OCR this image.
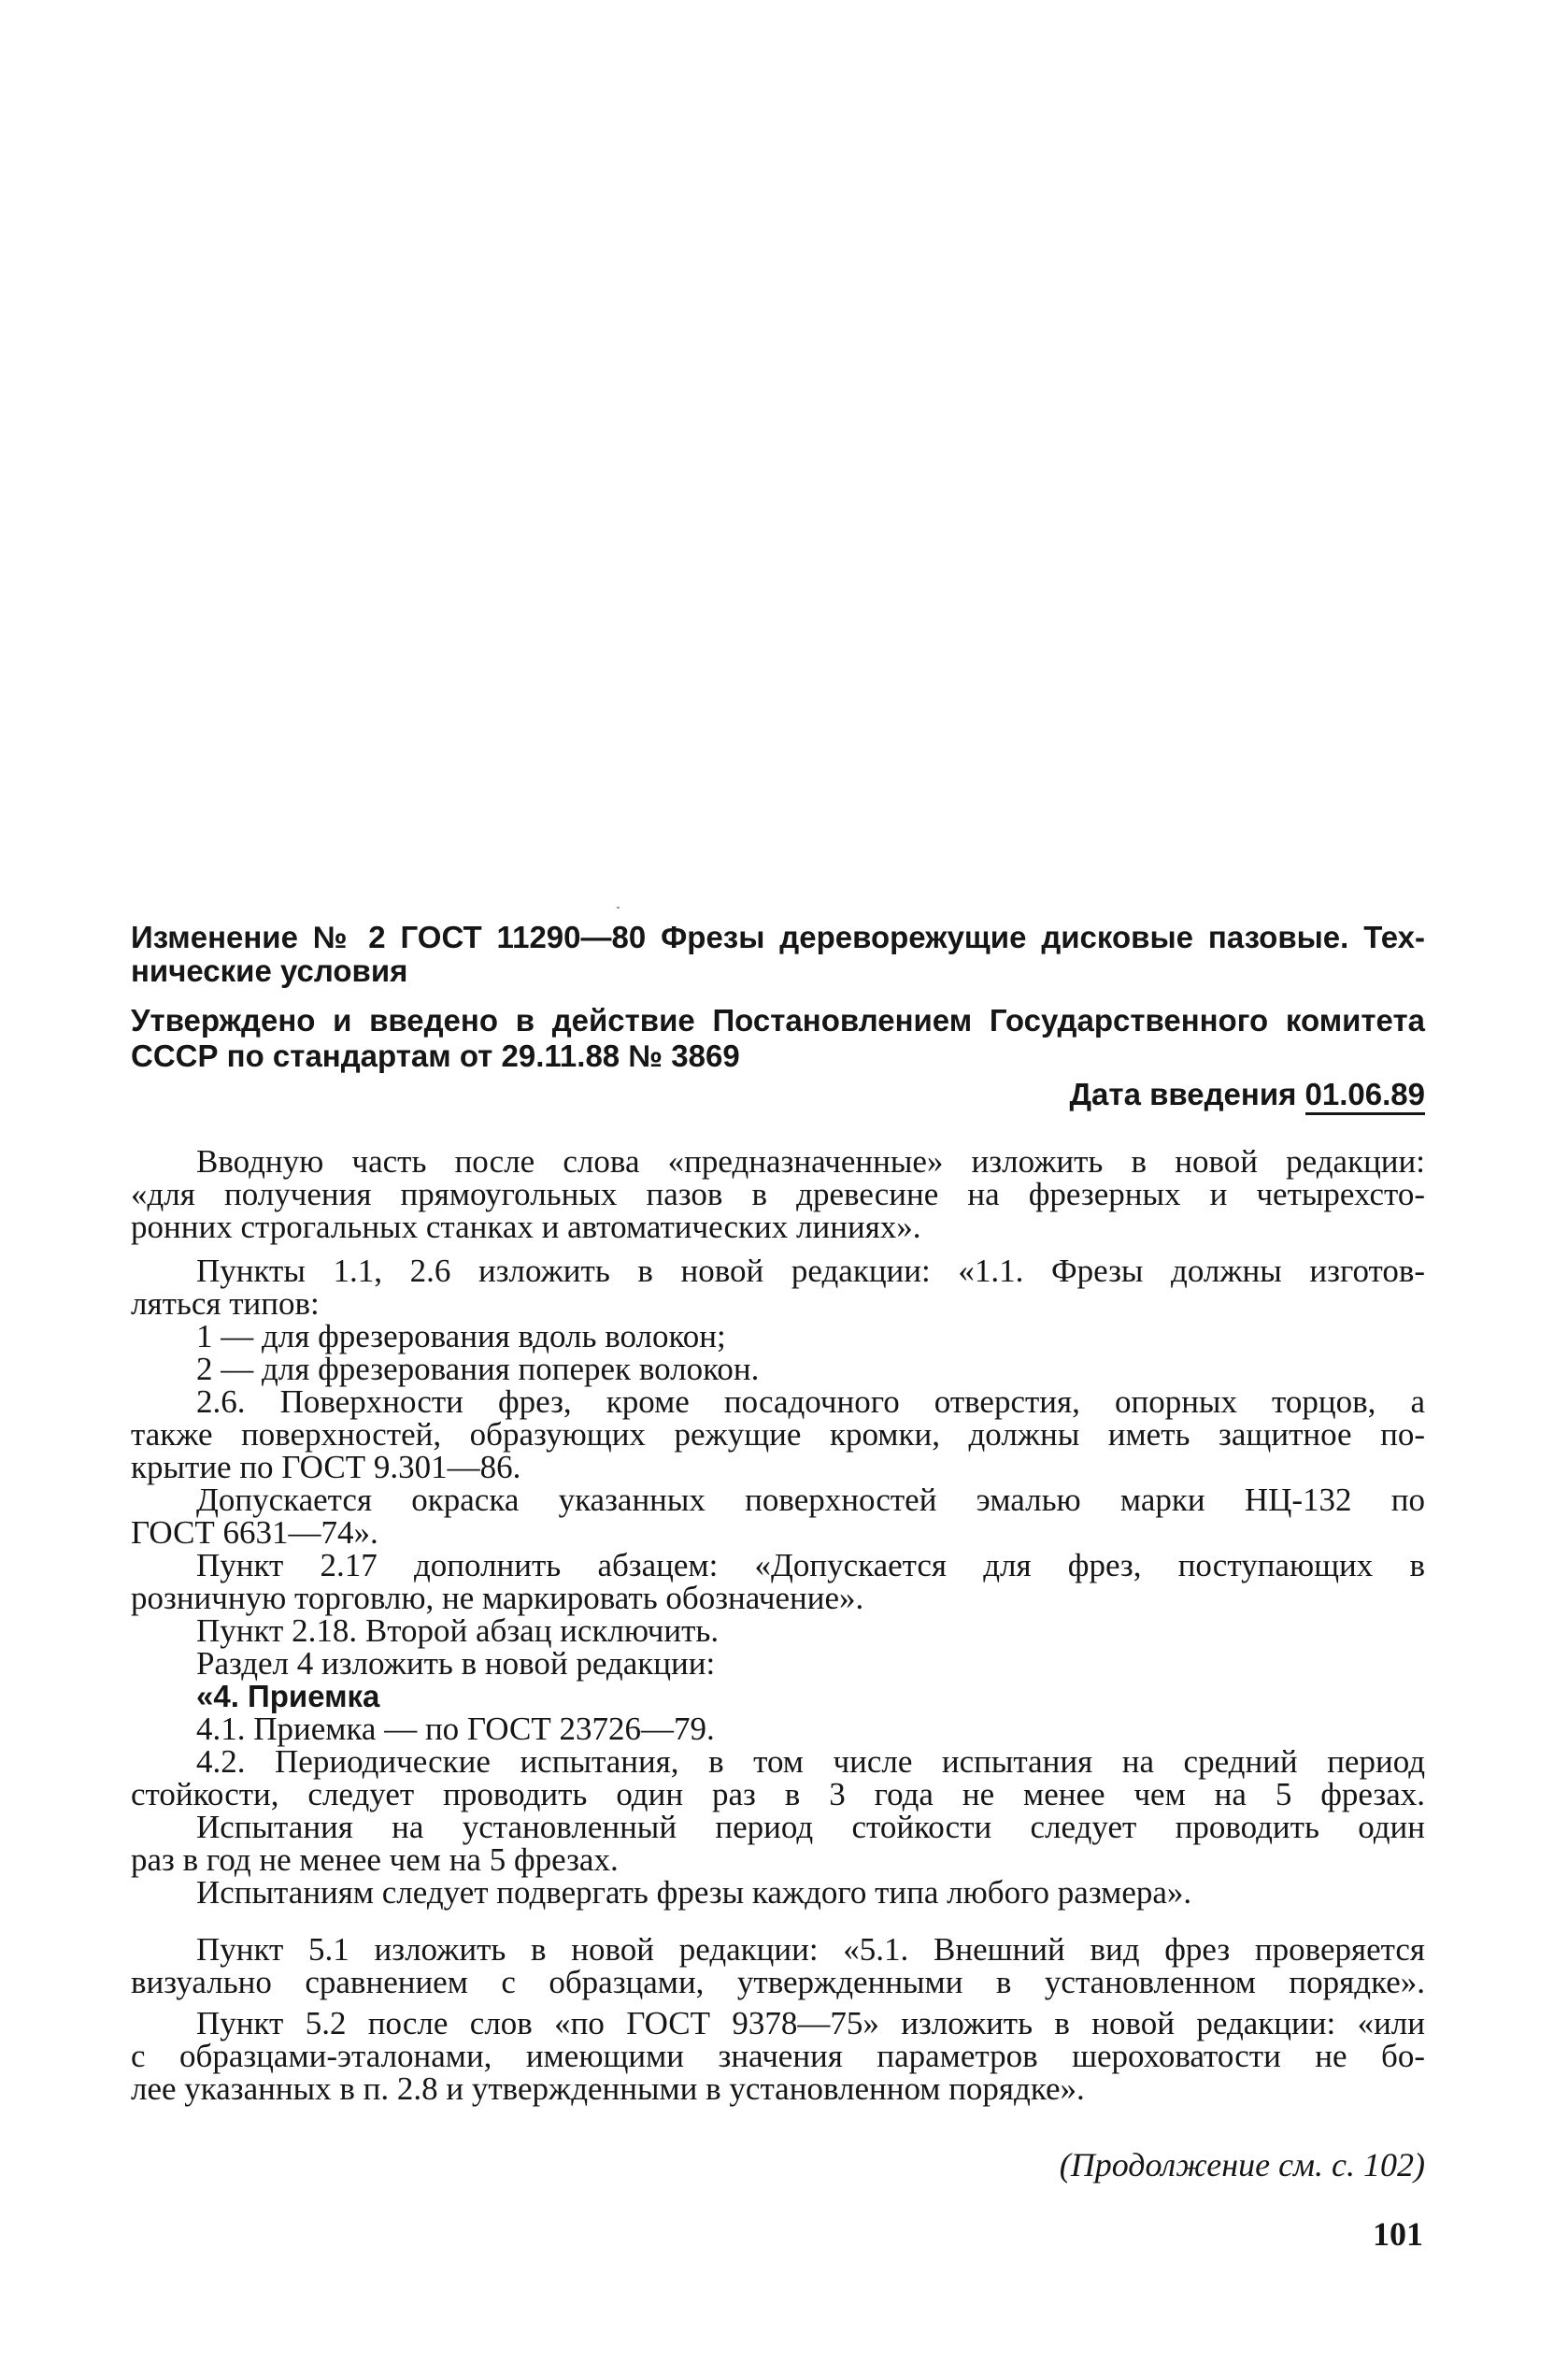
Изменение № 2 ГОСТ 11290—80 Фрезы дереворежущие дисковые пазовые. Тех-
нические условия
Утверждено и введено в действие Постановлением Государственного комитета
СССР по стандартам от 29.11.88 № 3869
Дата введения 01.06.89
Вводную часть после слова «предназначенные» изложить в новой редакции:
«для получения прямоугольных пазов в древесине на фрезерных и четырехсто-
ронних строгальных станках и автоматических линиях».
Пункты 1.1, 2.6 изложить в новой редакции: «1.1. Фрезы должны изготов-
ляться типов:
1 — для фрезерования вдоль волокон;
2 — для фрезерования поперек волокон.
2.6. Поверхности фрез, кроме посадочного отверстия, опорных торцов, а
также поверхностей, образующих режущие кромки, должны иметь защитное по-
крытие по ГОСТ 9.301—86.
Допускается окраска указанных поверхностей эмалью марки НЦ-132 по
ГОСТ 6631—74».
Пункт 2.17 дополнить абзацем: «Допускается для фрез, поступающих в
розничную торговлю, не маркировать обозначение».
Пункт 2.18. Второй абзац исключить.
Раздел 4 изложить в новой редакции:
«4. Приемка
4.1. Приемка — по ГОСТ 23726—79.
4.2. Периодические испытания, в том числе испытания на средний период
стойкости, следует проводить один раз в 3 года не менее чем на 5 фрезах.
Испытания на установленный период стойкости следует проводить один
раз в год не менее чем на 5 фрезах.
Испытаниям следует подвергать фрезы каждого типа любого размера».
Пункт 5.1 изложить в новой редакции: «5.1. Внешний вид фрез проверяется
визуально сравнением с образцами, утвержденными в установленном порядке».
Пункт 5.2 после слов «по ГОСТ 9378—75» изложить в новой редакции: «или
с образцами-эталонами, имеющими значения параметров шероховатости не бо-
лее указанных в п. 2.8 и утвержденными в установленном порядке».
(Продолжение см. с. 102)
101
